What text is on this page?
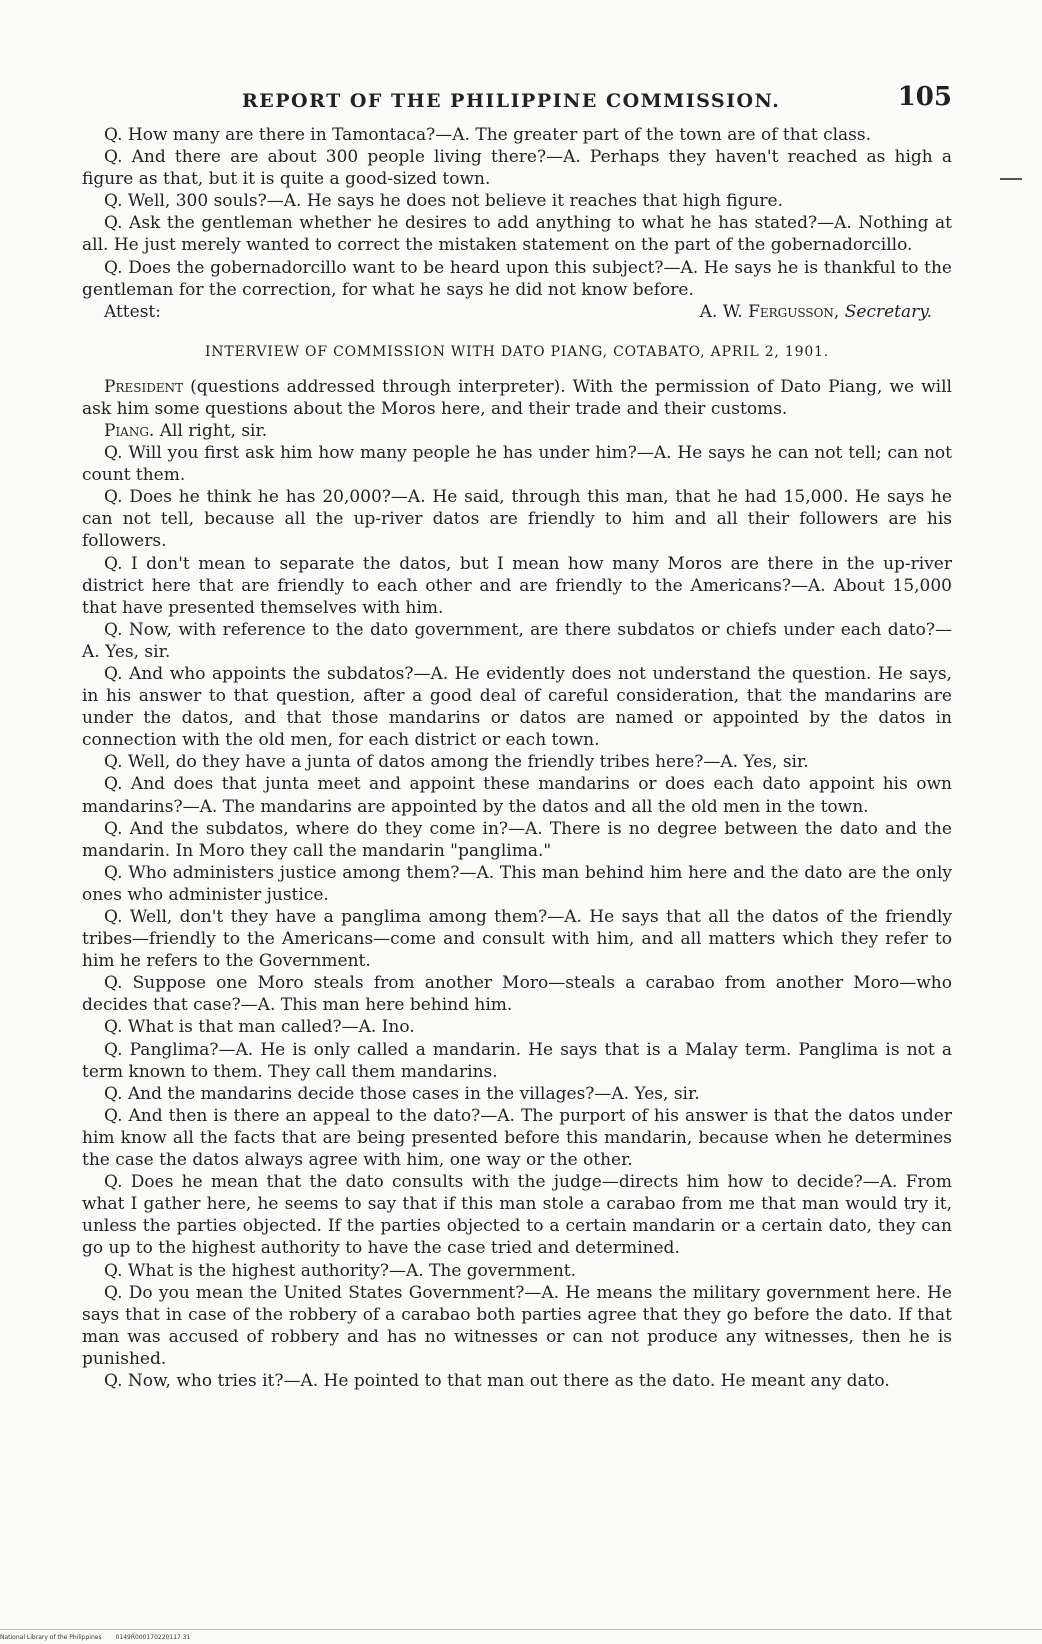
REPORT OF THE PHILIPPINE COMMISSION.	105

Q. How many are there in Tamontaca?—A. The greater part of the town are of that class.

Q. And there are about 300 people living there?—A. Perhaps they haven't reached as high a figure as that, but it is quite a good-sized town.

Q. Well, 300 souls?—A. He says he does not believe it reaches that high figure.

Q. Ask the gentleman whether he desires to add anything to what he has stated?—A. Nothing at all. He just merely wanted to correct the mistaken statement on the part of the gobernadorcillo.

Q. Does the gobernadorcillo want to be heard upon this subject?—A. He says he is thankful to the gentleman for the correction, for what he says he did not know before.

Attest:	A. W. Fergusson, Secretary.
INTERVIEW OF COMMISSION WITH DATO PIANG, COTABATO, APRIL 2, 1901.

President (questions addressed through interpreter). With the permission of Dato Piang, we will ask him some questions about the Moros here, and their trade and their customs.

Piang. All right, sir.

Q. Will you first ask him how many people he has under him?—A. He says he can not tell; can not count them.

Q. Does he think he has 20,000?—A. He said, through this man, that he had 15,000. He says he can not tell, because all the up-river datos are friendly to him and all their followers are his followers.

Q. I don't mean to separate the datos, but I mean how many Moros are there in the up-river district here that are friendly to each other and are friendly to the Americans?—A. About 15,000 that have presented themselves with him.

Q. Now, with reference to the dato government, are there subdatos or chiefs under each dato?—A. Yes, sir.

Q. And who appoints the subdatos?—A. He evidently does not understand the question. He says, in his answer to that question, after a good deal of careful consideration, that the mandarins are under the datos, and that those mandarins or datos are named or appointed by the datos in connection with the old men, for each district or each town.

Q. Well, do they have a junta of datos among the friendly tribes here?—A. Yes, sir.

Q. And does that junta meet and appoint these mandarins or does each dato appoint his own mandarins?—A. The mandarins are appointed by the datos and all the old men in the town.

Q. And the subdatos, where do they come in?—A. There is no degree between the dato and the mandarin. In Moro they call the mandarin "panglima."

Q. Who administers justice among them?—A. This man behind him here and the dato are the only ones who administer justice.

Q. Well, don't they have a panglima among them?—A. He says that all the datos of the friendly tribes—friendly to the Americans—come and consult with him, and all matters which they refer to him he refers to the Government.

Q. Suppose one Moro steals from another Moro—steals a carabao from another Moro—who decides that case?—A. This man here behind him.

Q. What is that man called?—A. Ino.

Q. Panglima?—A. He is only called a mandarin. He says that is a Malay term. Panglima is not a term known to them. They call them mandarins.

Q. And the mandarins decide those cases in the villages?—A. Yes, sir.

Q. And then is there an appeal to the dato?—A. The purport of his answer is that the datos under him know all the facts that are being presented before this mandarin, because when he determines the case the datos always agree with him, one way or the other.

Q. Does he mean that the dato consults with the judge—directs him how to decide?—A. From what I gather here, he seems to say that if this man stole a carabao from me that man would try it, unless the parties objected. If the parties objected to a certain mandarin or a certain dato, they can go up to the highest authority to have the case tried and determined.

Q. What is the highest authority?—A. The government.

Q. Do you mean the United States Government?—A. He means the military government here. He says that in case of the robbery of a carabao both parties agree that they go before the dato. If that man was accused of robbery and has no witnesses or can not produce any witnesses, then he is punished.

Q. Now, who tries it?—A. He pointed to that man out there as the dato. He meant any dato.

National Library of the Philippines 0149R000170220117 31
